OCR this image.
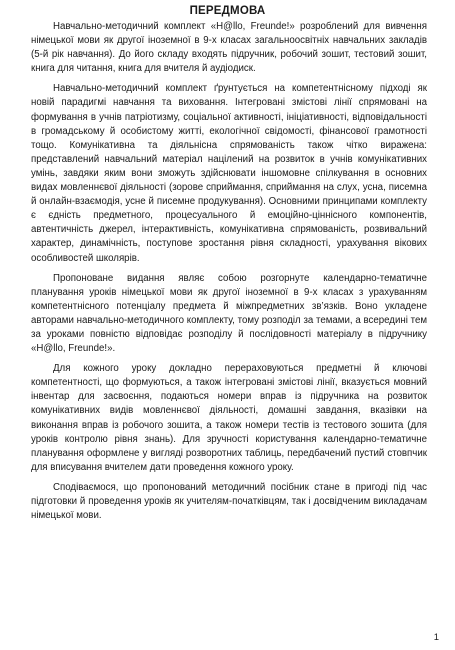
ПЕРЕДМОВА

Навчально-методичний комплект «H@llo, Freunde!» розроблений для вивчення німецької мови як другої іноземної в 9-х класах загальноосвітніх навчальних закладів (5-й рік навчання). До його складу входять підручник, робочий зошит, тестовий зошит, книга для читання, книга для вчителя й аудіодиск.

Навчально-методичний комплект ґрунтується на компетентнісному підході як новій парадигмі навчання та виховання. Інтегровані змістові лінії спрямовані на формування в учнів патріотизму, соціальної активності, ініціативності, відповідальності в громадському й особистому житті, екологічної свідомості, фінансової грамотності тощо. Комунікативна та діяльнісна спрямованість також чітко виражена: представлений навчальний матеріал націлений на розвиток в учнів комунікативних умінь, завдяки яким вони зможуть здійснювати іншомовне спілкування в основних видах мовленнєвої діяльності (зорове сприймання, сприймання на слух, усна, писемна й онлайн-взаємодія, усне й писемне продукування). Основними принципами комплекту є єдність предметного, процесуального й емоційно-ціннісного компонентів, автентичність джерел, інтерактивність, комунікативна спрямованість, розвивальний характер, динамічність, поступове зростання рівня складності, урахування вікових особливостей школярів.

Пропоноване видання являє собою розгорнуте календарно-тематичне планування уроків німецької мови як другої іноземної в 9-х класах з урахуванням компетентнісного потенціалу предмета й міжпредметних зв’язків. Воно укладене авторами навчально-методичного комплекту, тому розподіл за темами, а всередині тем за уроками повністю відповідає розподілу й послідовності матеріалу в підручнику «H@llo, Freunde!».

Для кожного уроку докладно перераховуються предметні й ключові компетентності, що формуються, а також інтегровані змістові лінії, вказується мовний інвентар для засвоєння, подаються номери вправ із підручника на розвиток комунікативних видів мовленнєвої діяльності, домашні завдання, вказівки на виконання вправ із робочого зошита, а також номери тестів із тестового зошита (для уроків контролю рівня знань). Для зручності користування календарно-тематичне планування оформлене у вигляді розворотних таблиць, передбачений пустий стовпчик для вписування вчителем дати проведення кожного уроку.

Сподіваємося, що пропонований методичний посібник стане в пригоді під час підготовки й проведення уроків як учителям-початківцям, так і досвідченим викладачам німецької мови.

1
